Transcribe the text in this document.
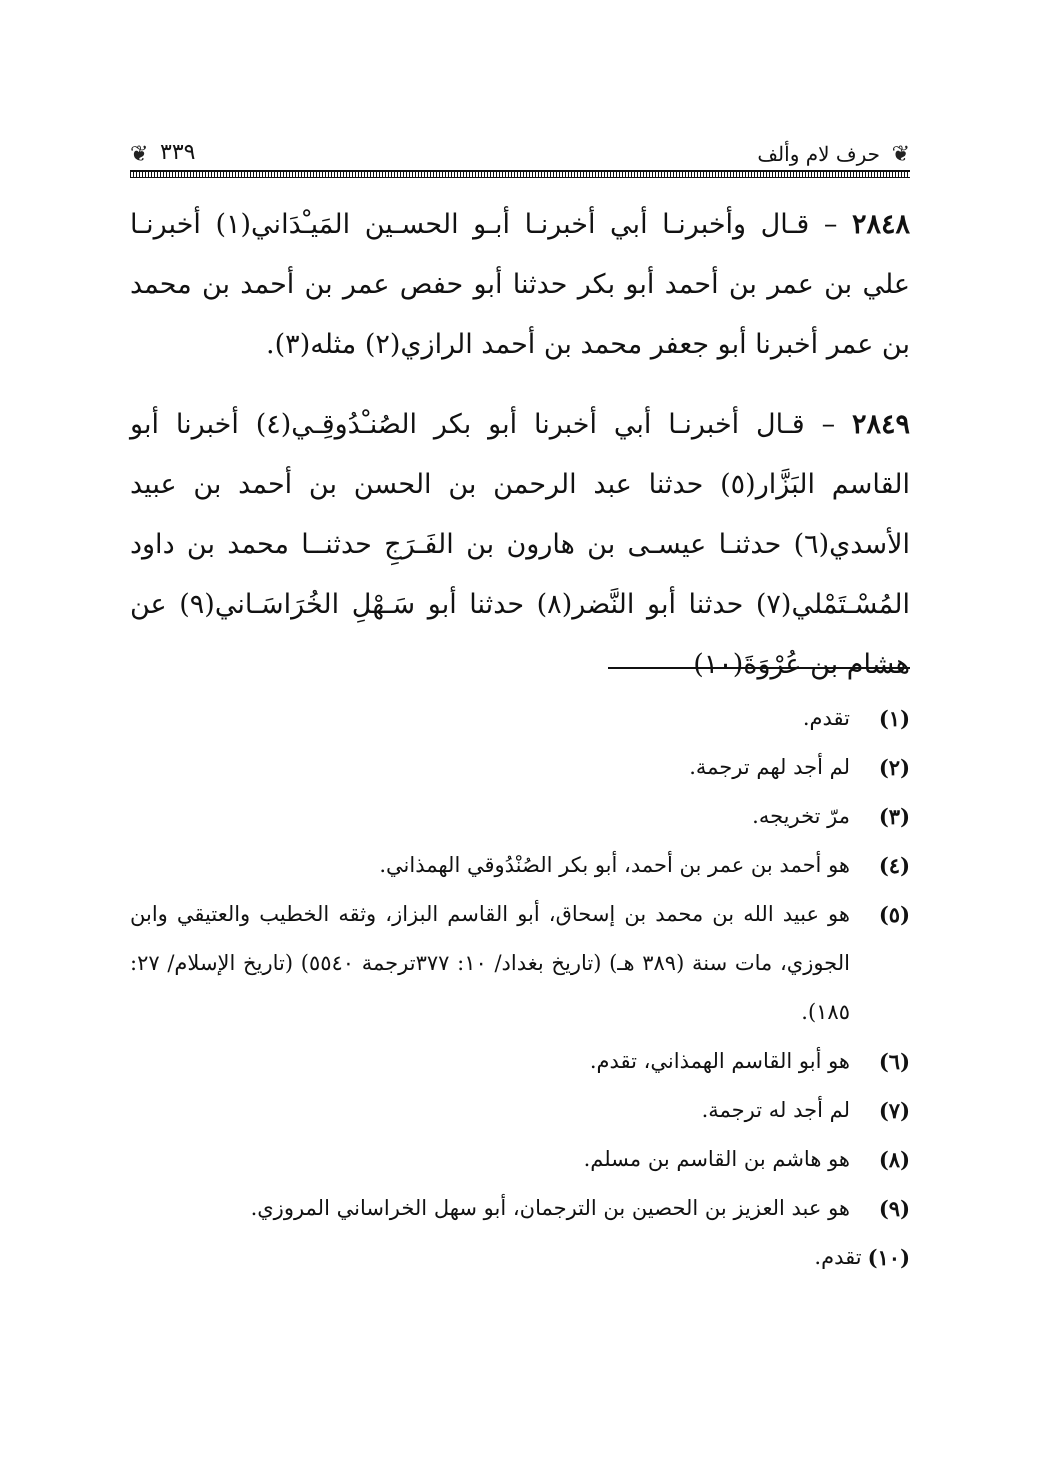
❦ ٣٣٩	حرف لام وألف ❦

٢٨٤٨ – قـال وأخبرنـا أبي أخبرنـا أبـو الحسـين المَيـْدَاني(١) أخبرنـا علي بن عمر بن أحمد أبو بكر حدثنا أبو حفص عمر بن أحمد بن محمد بن عمر أخبرنا أبو جعفر محمد بن أحمد الرازي(٢) مثله(٣).

٢٨٤٩ – قـال أخبرنـا أبي أخبرنا أبو بكر الصُنـْدُوقِـي(٤) أخبرنا أبو القاسم البَزَّار(٥) حدثنا عبد الرحمن بن الحسن بن أحمد بن عبيد الأسدي(٦) حدثنـا عيسـى بن هارون بن الفَـرَجِ حدثنــا محمد بن داود المُسْـتَمْلي(٧) حدثنا أبو النَّضر(٨) حدثنا أبو سَـهْلِ الخُرَاسَـاني(٩) عن هشام بن عُرْوَةَ(١٠)

(١)
تقدم.
(٢)
لم أجد لهم ترجمة.
(٣)
مرّ تخريجه.
(٤)
هو أحمد بن عمر بن أحمد، أبو بكر الصُنْدُوقي الهمذاني.
(٥)
هو عبيد الله بن محمد بن إسحاق، أبو القاسم البزاز، وثقه الخطيب والعتيقي وابن الجوزي، مات سنة (٣٨٩ هـ) (تاريخ بغداد/ ١٠: ٣٧٧ترجمة ٥٥٤٠) (تاريخ الإسلام/ ٢٧: ١٨٥).
(٦)
هو أبو القاسم الهمذاني، تقدم.
(٧)
لم أجد له ترجمة.
(٨)
هو هاشم بن القاسم بن مسلم.
(٩)
هو عبد العزيز بن الحصين بن الترجمان، أبو سهل الخراساني المروزي.
(١٠)
تقدم.
